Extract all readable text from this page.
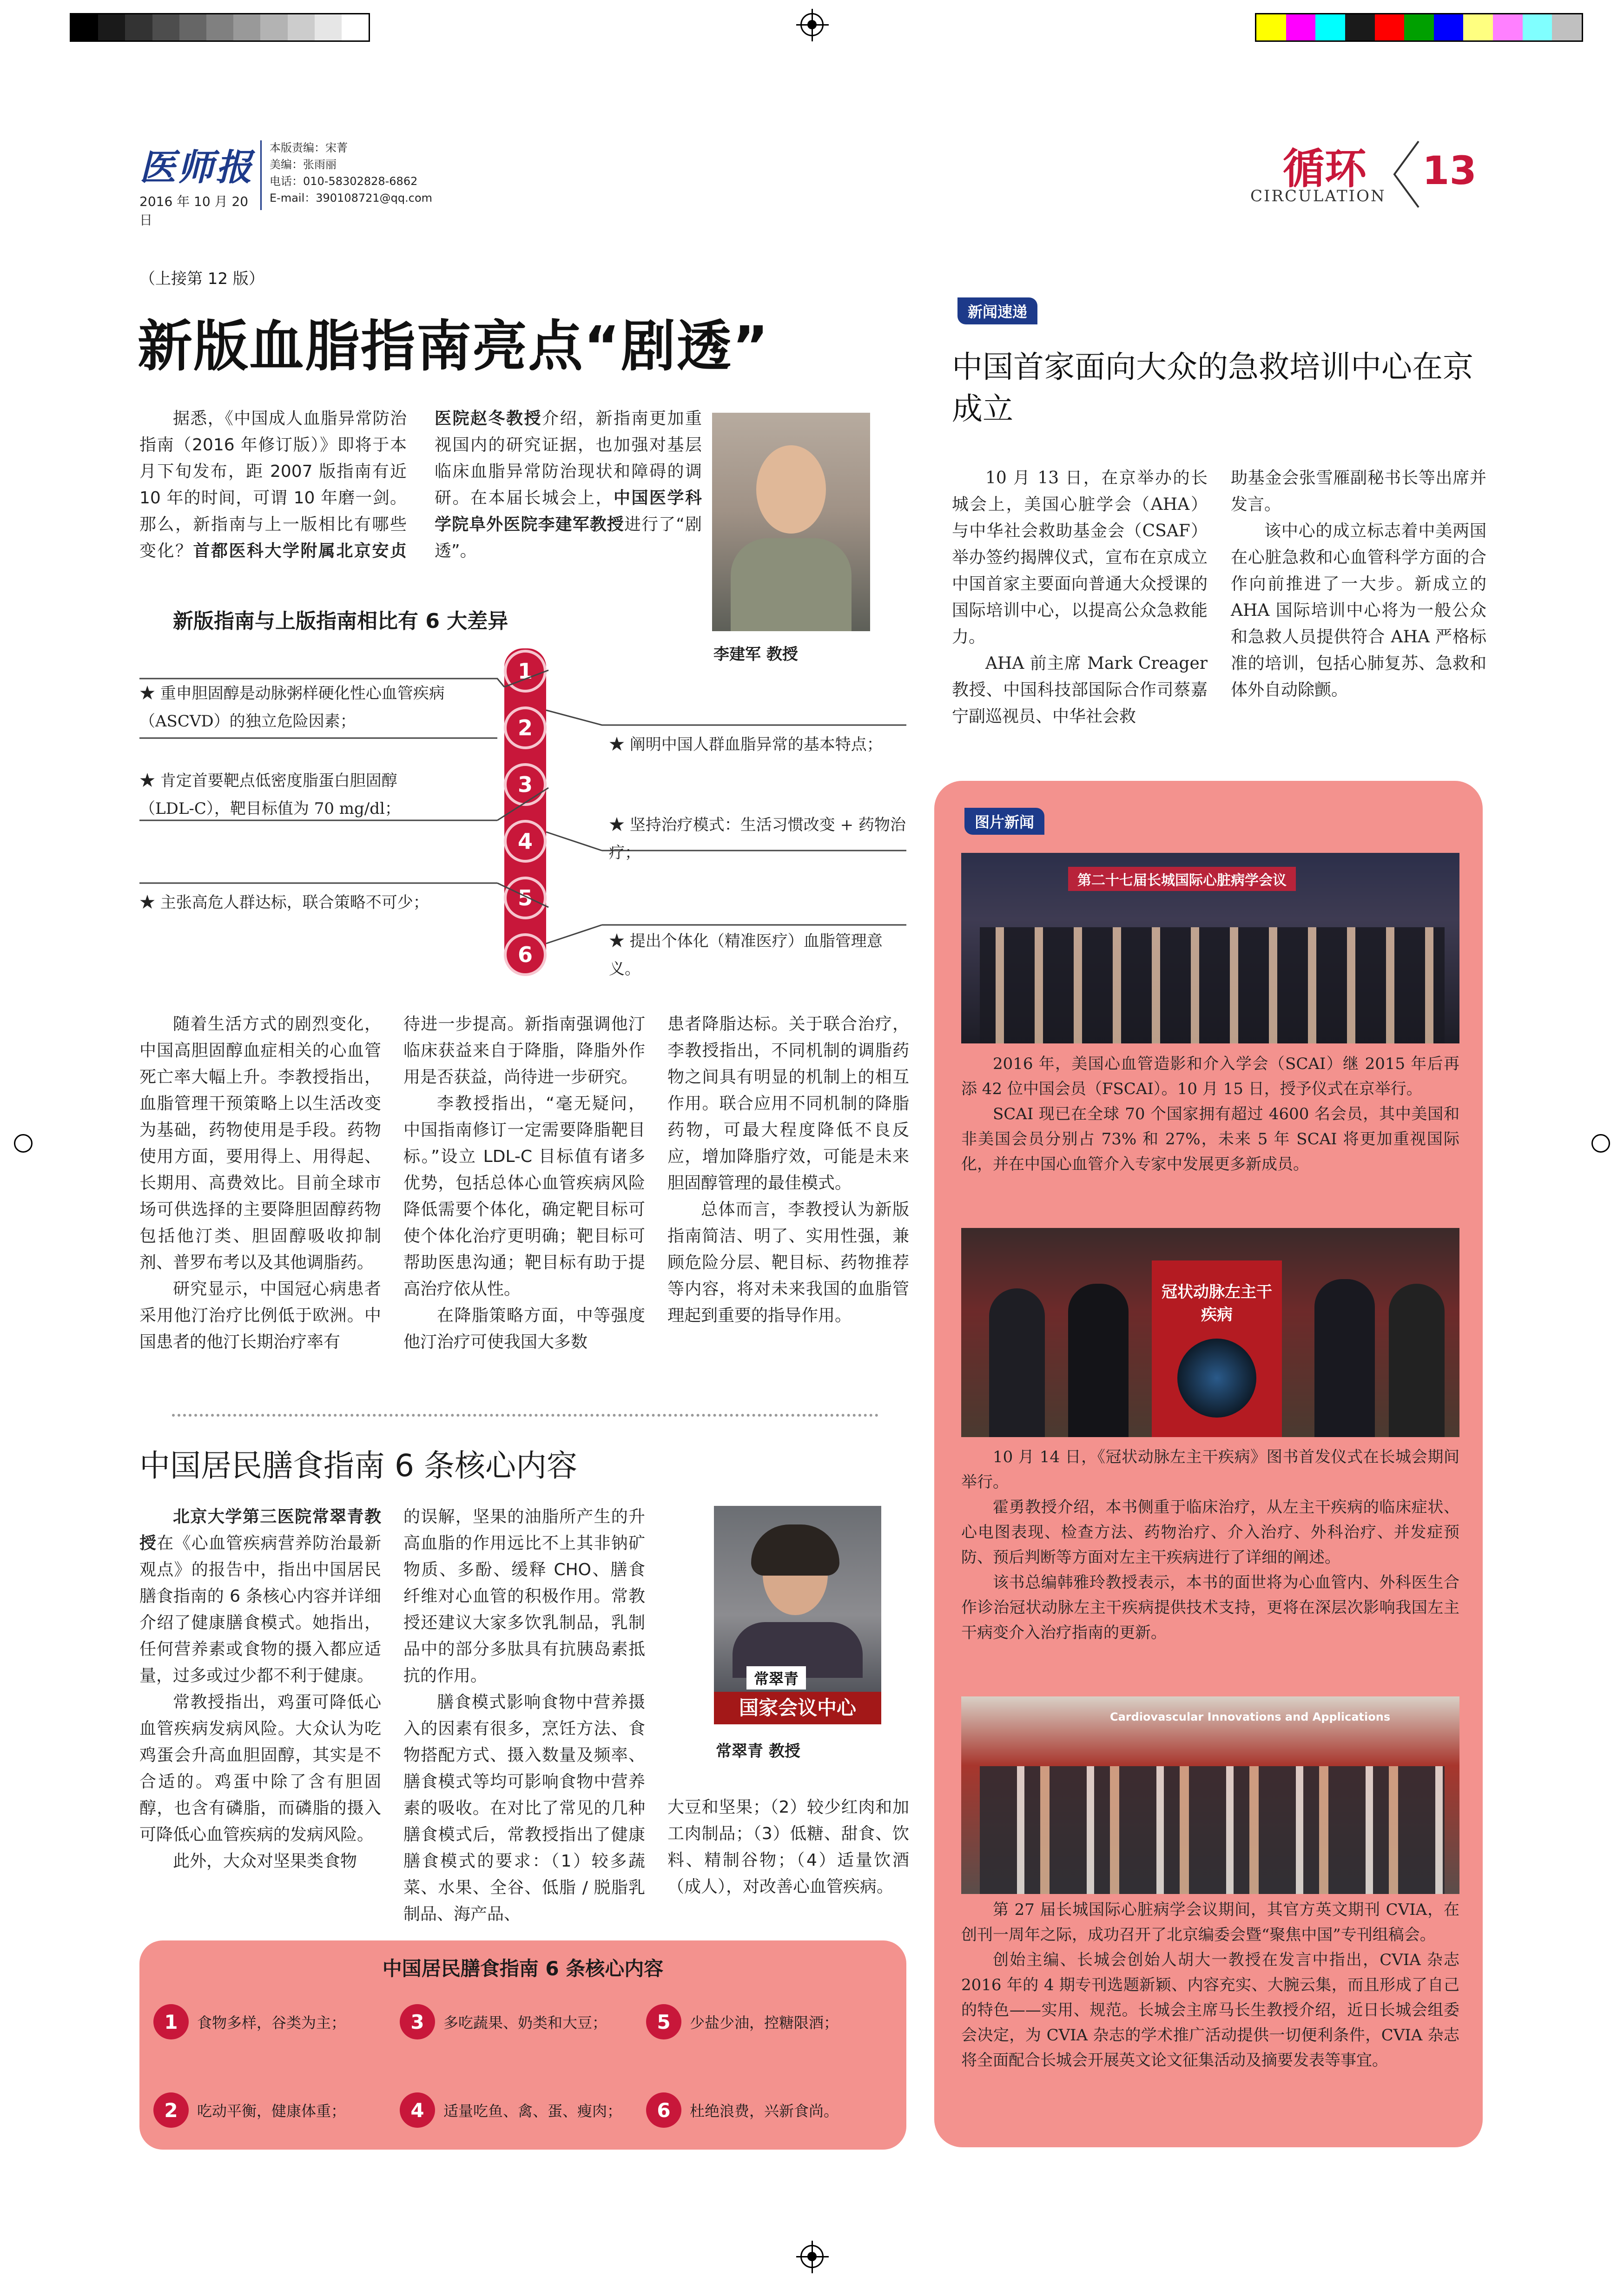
医师报
2016 年 10 月 20 日
本版责编：宋菁
美编：张雨丽
电话：010-58302828-6862
E-mail：390108721@qq.com
循环
CIRCULATION
13
（上接第 12 版）
新版血脂指南亮点“剧透”

据悉，《中国成人血脂异常防治指南（2016 年修订版）》即将于本月下旬发布，距 2007 版指南有近 10 年的时间，可谓 10 年磨一剑。那么，新指南与上一版相比有哪些变化？首都医科大学附属北京安贞医院赵冬教授介绍，新指南更加重视国内的研究证据，也加强对基层临床血脂异常防治现状和障碍的调研。在本届长城会上，中国医学科学院阜外医院李建军教授进行了“剧透”。

李建军 教授
新版指南与上版指南相比有 6 大差异
1
2
3
4
5
6
★ 重申胆固醇是动脉粥样硬化性心血管疾病（ASCVD）的独立危险因素；
★ 肯定首要靶点低密度脂蛋白胆固醇（LDL-C），靶目标值为 70 mg/dl；
★ 主张高危人群达标，联合策略不可少；
★ 阐明中国人群血脂异常的基本特点；
★ 坚持治疗模式：生活习惯改变 + 药物治疗；
★ 提出个体化（精准医疗）血脂管理意义。

随着生活方式的剧烈变化，中国高胆固醇血症相关的心血管死亡率大幅上升。李教授指出，血脂管理干预策略上以生活改变为基础，药物使用是手段。药物使用方面，要用得上、用得起、长期用、高费效比。目前全球市场可供选择的主要降胆固醇药物包括他汀类、胆固醇吸收抑制剂、普罗布考以及其他调脂药。

研究显示，中国冠心病患者采用他汀治疗比例低于欧洲。中国患者的他汀长期治疗率有

待进一步提高。新指南强调他汀临床获益来自于降脂，降脂外作用是否获益，尚待进一步研究。

李教授指出，“毫无疑问，中国指南修订一定需要降脂靶目标。”设立 LDL-C 目标值有诸多优势，包括总体心血管疾病风险降低需要个体化，确定靶目标可使个体化治疗更明确；靶目标可帮助医患沟通；靶目标有助于提高治疗依从性。

在降脂策略方面，中等强度他汀治疗可使我国大多数

患者降脂达标。关于联合治疗，李教授指出，不同机制的调脂药物之间具有明显的机制上的相互作用。联合应用不同机制的降脂药物，可最大程度降低不良反应，增加降脂疗效，可能是未来胆固醇管理的最佳模式。

总体而言，李教授认为新版指南简洁、明了、实用性强，兼顾危险分层、靶目标、药物推荐等内容，将对未来我国的血脂管理起到重要的指导作用。

中国居民膳食指南 6 条核心内容

北京大学第三医院常翠青教授在《心血管疾病营养防治最新观点》的报告中，指出中国居民膳食指南的 6 条核心内容并详细介绍了健康膳食模式。她指出，任何营养素或食物的摄入都应适量，过多或过少都不利于健康。

常教授指出，鸡蛋可降低心血管疾病发病风险。大众认为吃鸡蛋会升高血胆固醇，其实是不合适的。鸡蛋中除了含有胆固醇，也含有磷脂，而磷脂的摄入可降低心血管疾病的发病风险。

此外，大众对坚果类食物

的误解，坚果的油脂所产生的升高血脂的作用远比不上其非钠矿物质、多酚、缓释 CHO、膳食纤维对心血管的积极作用。常教授还建议大家多饮乳制品，乳制品中的部分多肽具有抗胰岛素抵抗的作用。

膳食模式影响食物中营养摄入的因素有很多，烹饪方法、食物搭配方式、摄入数量及频率、膳食模式等均可影响食物中营养素的吸收。在对比了常见的几种膳食模式后，常教授指出了健康膳食模式的要求：（1）较多蔬菜、水果、全谷、低脂 / 脱脂乳制品、海产品、

常翠青
国家会议中心
常翠青 教授

大豆和坚果；（2）较少红肉和加工肉制品；（3）低糖、甜食、饮料、精制谷物；（4）适量饮酒（成人），对改善心血管疾病。

中国居民膳食指南 6 条核心内容
1	食物多样，谷类为主；	3	多吃蔬果、奶类和大豆；	5	少盐少油，控糖限酒；
2	吃动平衡，健康体重；	4	适量吃鱼、禽、蛋、瘦肉；	6	杜绝浪费，兴新食尚。
新闻速递
中国首家面向大众的急救培训中心在京成立

10 月 13 日，在京举办的长城会上，美国心脏学会（AHA）与中华社会救助基金会（CSAF）举办签约揭牌仪式，宣布在京成立中国首家主要面向普通大众授课的国际培训中心，以提高公众急救能力。

AHA 前主席 Mark Creager 教授、中国科技部国际合作司蔡嘉宁副巡视员、中华社会救

助基金会张雪雁副秘书长等出席并发言。

该中心的成立标志着中美两国在心脏急救和心血管科学方面的合作向前推进了一大步。新成立的 AHA 国际培训中心将为一般公众和急救人员提供符合 AHA 严格标准的培训，包括心肺复苏、急救和体外自动除颤。

图片新闻
第二十七届长城国际心脏病学会议

2016 年，美国心血管造影和介入学会（SCAI）继 2015 年后再添 42 位中国会员（FSCAI）。10 月 15 日，授予仪式在京举行。

SCAI 现已在全球 70 个国家拥有超过 4600 名会员，其中美国和非美国会员分别占 73% 和 27%，未来 5 年 SCAI 将更加重视国际化，并在中国心血管介入专家中发展更多新成员。

冠状动脉左主干疾病

10 月 14 日，《冠状动脉左主干疾病》图书首发仪式在长城会期间举行。

霍勇教授介绍，本书侧重于临床治疗，从左主干疾病的临床症状、心电图表现、检查方法、药物治疗、介入治疗、外科治疗、并发症预防、预后判断等方面对左主干疾病进行了详细的阐述。

该书总编韩雅玲教授表示，本书的面世将为心血管内、外科医生合作诊治冠状动脉左主干疾病提供技术支持，更将在深层次影响我国左主干病变介入治疗指南的更新。

Cardiovascular Innovations and Applications

第 27 届长城国际心脏病学会议期间，其官方英文期刊 CVIA，在创刊一周年之际，成功召开了北京编委会暨“聚焦中国”专刊组稿会。

创始主编、长城会创始人胡大一教授在发言中指出，CVIA 杂志 2016 年的 4 期专刊选题新颖、内容充实、大腕云集，而且形成了自己的特色——实用、规范。长城会主席马长生教授介绍，近日长城会组委会决定，为 CVIA 杂志的学术推广活动提供一切便利条件，CVIA 杂志将全面配合长城会开展英文论文征集活动及摘要发表等事宜。
